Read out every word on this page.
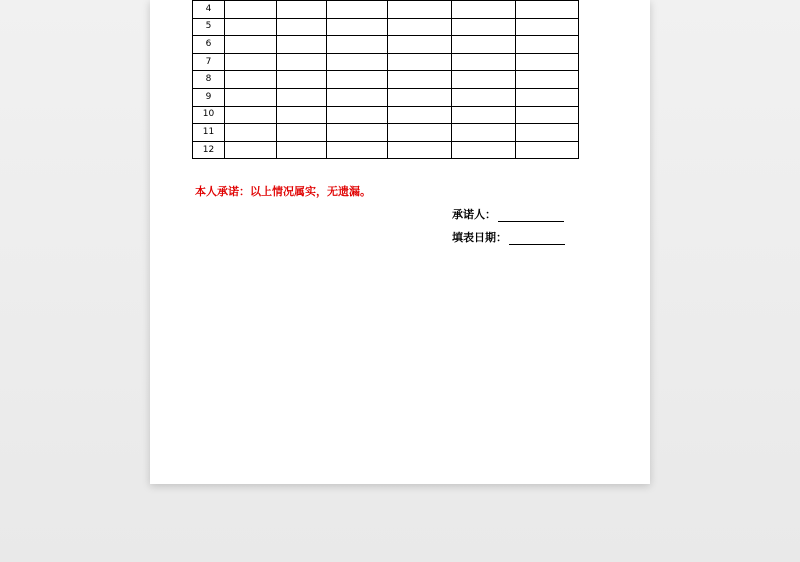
4						
5						
6						
7						
8						
9						
10						
11						
12						
本人承诺：以上情况属实，无遗漏。
承诺人：
填表日期：
